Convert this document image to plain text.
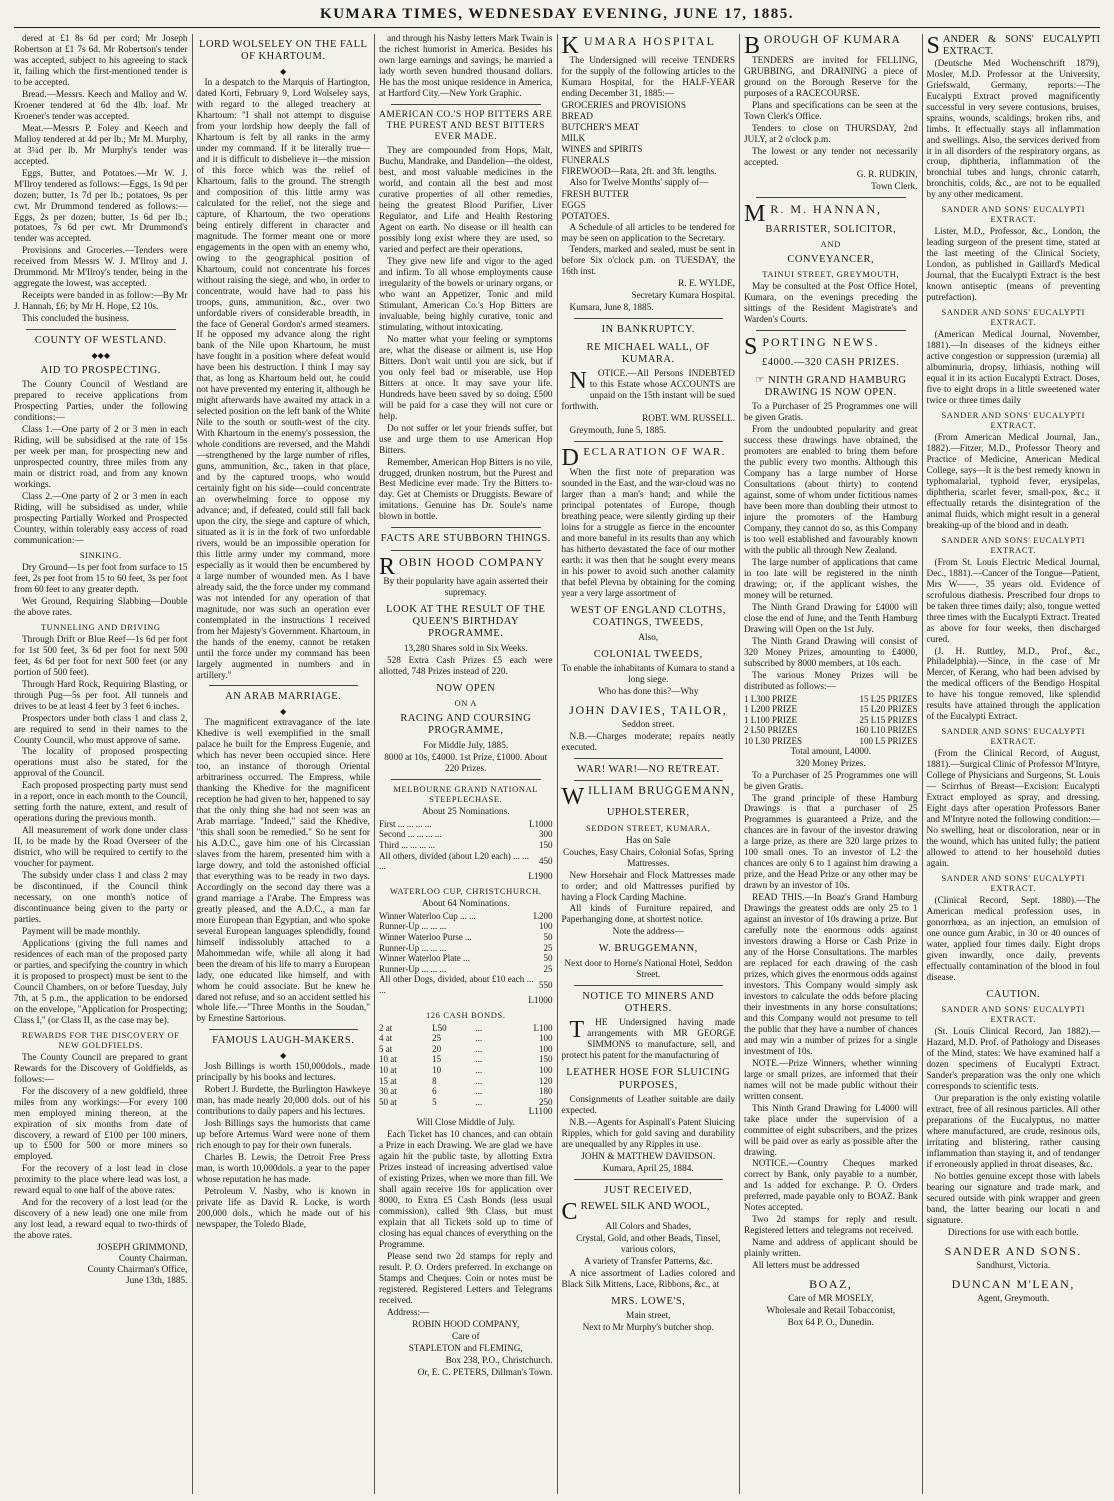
KUMARA TIMES, WEDNESDAY EVENING, JUNE 17, 1885.

dered at £1 8s 6d per cord; Mr Joseph Robertson at £1 7s 6d. Mr Robertson's tender was accepted, subject to his agreeing to stack it, failing which the first-mentioned tender is to be accepted.

Bread.—Messrs. Keech and Malloy and W. Kroener tendered at 6d the 4lb. loaf. Mr Kroener's tender was accepted.

Meat.—Messrs P. Foley and Keech and Malloy tendered at 4d per lb.; Mr M. Murphy, at 3¼d per lb. Mr Murphy's tender was accepted.

Eggs, Butter, and Potatoes.—Mr W. J. M'Ilroy tendered as follows:—Eggs, 1s 9d per dozen; butter, 1s 7d per lb.; potatoes, 9s per cwt. Mr Drummond tendered as follows:—Eggs, 2s per dozen; butter, 1s 6d per lb.; potatoes, 7s 6d per cwt. Mr Drummond's tender was accepted.

Provisions and Groceries.—Tenders were received from Messrs W. J. M'Ilroy and J. Drummond. Mr M'Ilroy's tender, being in the aggregate the lowest, was accepted.

Receipts were banded in as follow:—By Mr J. Hannah, £6; by Mr H. Hope, £2 10s.

This concluded the business.

COUNTY OF WESTLAND.
◆◆◆
AID TO PROSPECTING.

The County Council of Westland are prepared to receive applications from Prospecting Parties, under the following conditions:—

Class 1.—One party of 2 or 3 men in each Riding, will be subsidised at the rate of 15s per week per man, for prospecting new and unprospected country, three miles from any main or district road, and from any known workings.

Class 2.—One party of 2 or 3 men in each Riding, will be subsidised as under, while prospecting Partially Worked and Prospected Country, within tolerably easy access of road communication:—

SINKING.

Dry Ground—1s per foot from surface to 15 feet, 2s per foot from 15 to 60 feet, 3s per foot from 60 feet to any greater depth.

Wet Ground, Requiring Slabbing—Double the above rates.

TUNNELING AND DRIVING

Through Drift or Blue Reef—1s 6d per foot for 1st 500 feet, 3s 6d per foot for next 500 feet, 4s 6d per foot for next 500 feet (or any portion of 500 feet).

Through Hard Rock, Requiring Blasting, or through Pug—5s per foot. All tunnels and drives to be at least 4 feet by 3 feet 6 inches.

Prospectors under both class 1 and class 2, are required to send in their names to the County Council, who must approve of same.

The locality of proposed prospecting operations must also be stated, for the approval of the Council.

Each proposed prospecting party must send in a report, once in each month to the Council, setting forth the nature, extent, and result of operations during the previous month.

All measurement of work done under class II, to be made by the Road Overseer of the district, who will be required to certify to the voucher for payment.

The subsidy under class 1 and class 2 may be discontinued, if the Council think necessary, on one month's notice of discontinuance being given to the party or parties.

Payment will be made monthly.

Applications (giving the full names and residences of each man of the proposed party or parties, and specifying the country in which it is proposed to prospect) must be sent to the Council Chambers, on or before Tuesday, July 7th, at 5 p.m., the application to be endorsed on the envelope, "Application for Prospecting; Class I," (or Class II, as the case may be).

REWARDS FOR THE DISCOVERY OF NEW GOLDFIELDS.

The County Council are prepared to grant Rewards for the Discovery of Goldfields, as follows:—

For the discovery of a new goldfield, three miles from any workings:—For every 100 men employed mining thereon, at the expiration of six months from date of discovery, a reward of £100 per 100 miners, up to £500 for 500 or more miners so employed.

For the recovery of a lost lead in close proximity to the place where lead was lost, a reward equal to one half of the above rates.

And for the recovery of a lost lead (or the discovery of a new lead) one one mile from any lost lead, a reward equal to two-thirds of the above rates.

JOSEPH GRIMMOND,
County Chairman.
County Chairman's Office,
June 13th, 1885.
LORD WOLSELEY ON THE FALL OF KHARTOUM.
◆

In a despatch to the Marquis of Hartington, dated Korti, February 9, Lord Wolseley says, with regard to the alleged treachery at Khartoum: "I shall not attempt to disguise from your lordship how deeply the fall of Khartoum is felt by all ranks in the army under my command. If it be literally true—and it is difficult to disbelieve it—the mission of this force which was the relief of Khartoum, falls to the ground. The strength and composition of this little army was calculated for the relief, not the siege and capture, of Khartoum, the two operations being entirely different in character and magnitude. The former meant one or more engagements in the open with an enemy who, owing to the geographical position of Khartoum, could not concentrate his forces without raising the siege, and who, in order to concentrate, would have had to pass his troops, guns, ammunition, &c., over two unfordable rivers of considerable breadth, in the face of General Gordon's armed steamers. If he opposed my advance along the right bank of the Nile upon Khartoum, he must have fought in a position where defeat would have been his destruction. I think I may say that, as long as Khartoum held out, he could not have prevented my entering it, although he might afterwards have awaited my attack in a selected position on the left bank of the White Nile to the south or south-west of the city. With Khartoum in the enemy's possession, the whole conditions are reversed, and the Mahdi—strengthened by the large number of rifles, guns, ammunition, &c., taken in that place, and by the captured troops, who would certainly fight on his side—could concentrate an overwhelming force to oppose my advance; and, if defeated, could still fall back upon the city, the siege and capture of which, situated as it is in the fork of two unfordable rivers, would be an impossible operation for this little army under my command, more especially as it would then be encumbered by a large number of wounded men. As I have already said, the the force under my command was not intended for any operation of that magnitude, nor was such an operation ever contemplated in the instructions I received from her Majesty's Government. Khartoum, in the hands of the enemy, cannot be retaken until the force under my command has been largely augmented in numbers and in artillery."

AN ARAB MARRIAGE.
◆

The magnificent extravagance of the late Khedive is well exemplified in the small palace he built for the Empress Eugenie, and which has never been occupied since. Here too, an instance of thorough Oriental arbitrariness occurred. The Empress, while thanking the Khedive for the magnificent reception he had given to her, happened to say that the only thing she had not seen was an Arab marriage. "Indeed," said the Khedive, "this shall soon be remedied." So he sent for his A.D.C., gave him one of his Circassian slaves from the harem, presented him with a large dowry, and told the astonished official that everything was to be ready in two days. Accordingly on the second day there was a grand marriage a l'Arabe. The Empress was greatly pleased, and the A.D.C., a man far more European than Egyptian, and who spoke several European languages splendidly, found himself indissolubly attached to a Mahommedan wife, while all along it had been the dream of his life to marry a European lady, one educated like himself, and with whom he could associate. But he knew he dared not refuse, and so an accident settled his whole life.—"Three Months in the Soudan," by Ernestine Sartorious.

FAMOUS LAUGH-MAKERS.
◆

Josh Billings is worth 150,000dols., made principally by his books and lectures.

Robert J. Burdette, the Burlington Hawkeye man, has made nearly 20,000 dols. out of his contributions to daily papers and his lectures.

Josh Billings says the humorists that came up before Artemus Ward were none of them rich enough to pay for their own funerals.

Charles B. Lewis, the Detroit Free Press man, is worth 10,000dols. a year to the paper whose reputation he has made.

Petroleum V. Nasby, who is known in private life as David R. Locke, is worth 200,000 dols., which he made out of his newspaper, the Toledo Blade,

and through his Nasby letters Mark Twain is the richest humorist in America. Besides his own large earnings and savings, he married a lady worth seven hundred thousand dollars. He has the most unique residence in America, at Hartford City.—New York Graphic.

AMERICAN CO.'S HOP BITTERS ARE THE PUREST AND BEST BITTERS EVER MADE.

They are compounded from Hops, Malt, Buchu, Mandrake, and Dandelion—the oldest, best, and most valuable medicines in the world, and contain all the best and most curative properties of all other remedies, being the greatest Blood Purifier, Liver Regulator, and Life and Health Restoring Agent on earth. No disease or ill health can possibly long exist where they are used, so varied and perfect are their operations.

They give new life and vigor to the aged and infirm. To all whose employments cause irregularity of the bowels or urinary organs, or who want an Appetizer, Tonic and mild Stimulant, American Co.'s Hop Bitters are invaluable, being highly curative, tonic and stimulating, without intoxicating.

No matter what your feeling or symptoms are, what the disease or ailment is, use Hop Bitters. Don't wait until you are sick, but if you only feel bad or miserable, use Hop Bitters at once. It may save your life. Hundreds have been saved by so doing. £500 will be paid for a case they will not cure or help.

Do not suffer or let your friends suffer, but use and urge them to use American Hop Bitters.

Remember, American Hop Bitters is no vile, drugged, drunken nostrum, but the Purest and Best Medicine ever made. Try the Bitters to-day. Get at Chemists or Druggists. Beware of imitations. Genuine has Dr. Soule's name blown in bottle.

FACTS ARE STUBBORN THINGS.
R OBIN HOOD COMPANY

By their popularity have again asserted their supremacy.

LOOK AT THE RESULT OF THE QUEEN'S BIRTHDAY PROGRAMME.

13,280 Shares sold in Six Weeks.

528 Extra Cash Prizes £5 each were allotted, 748 Prizes instead of 220.

NOW OPEN
ON A
RACING AND COURSING PROGRAMME,

For Middle July, 1885.

8000 at 10s, £4000. 1st Prize, £1000. About 220 Prizes.

MELBOURNE GRAND NATIONAL STEEPLECHASE.

About 25 Nominations.

First ... ... ... ...	L1000
Second ... ... ... ...	300
Third ... ... ... ...	150
All others, divided (about L20 each) ... ... ...	450
L1900
WATERLOO CUP, CHRISTCHURCH.

About 64 Nominations.

Winner Waterloo Cup ... ...	L200
Runner-Up ... ... ...	100
Winner Waterloo Purse ...	50
Runner-Up ... ... ...	25
Winner Waterloo Plate ...	50
Runner-Up ... ... ...	25
All other Dogs, divided, about £10 each ... ...	550
L1000
126 CASH BONDS.
2 at	L50	...	L100
4 at	25	...	100
5 at	20	...	100
10 at	15	...	150
10 at	10	...	100
15 at	8	...	120
30 at	6	...	180
50 at	5	...	250
L1100

Will Close Middle of July.

Each Ticket has 10 chances, and can obtain a Prize in each Drawing. We are glad we have again hit the public taste, by allotting Extra Prizes instead of increasing advertised value of existing Prizes, when we more than fill. We shall again receive 10s for application over 8000, to Extra £5 Cash Bonds (less usual commission), called 9th Class, but must explain that all Tickets sold up to time of closing has equal chances of everything on the Programme.

Please send two 2d stamps for reply and result. P. O. Orders preferred. In exchange on Stamps and Cheques. Coin or notes must be registered. Registered Letters and Telegrams received.

Address:—

ROBIN HOOD COMPANY,

Care of

STAPLETON and FLEMING,

Box 238, P.O., Christchurch.

Or, E. C. PETERS, Dillman's Town.

K UMARA HOSPITAL

The Undersigned will receive TENDERS for the supply of the following articles to the Kumara Hospital, for the HALF-YEAR ending December 31, 1885:—

GROCERIES and PROVISIONS
BREAD
BUTCHER'S MEAT
MILK
WINES and SPIRITS
FUNERALS
FIREWOOD—Rata, 2ft. and 3ft. lengths.

Also for Twelve Months' supply of—

FRESH BUTTER
EGGS
POTATOES.

A Schedule of all articles to be tendered for may be seen on application to the Secretary.

Tenders, marked and sealed, must be sent in before Six o'clock p.m. on TUESDAY, the 16th inst.

R. E. WYLDE,

Secretary Kumara Hospital.

Kumara, June 8, 1885.

IN BANKRUPTCY.
RE MICHAEL WALL, OF KUMARA.

N OTICE.—All Persons INDEBTED to this Estate whose ACCOUNTS are unpaid on the 15th instant will be sued forthwith.

ROBT. WM. RUSSELL.

Greymouth, June 5, 1885.

DECLARATION OF WAR.

When the first note of preparation was sounded in the East, and the war-cloud was no larger than a man's hand; and while the principal potentates of Europe, though breathing peace, were silently girding up their loins for a struggle as fierce in the encounter and more baneful in its results than any which has hitherto devastated the face of our mother earth: it was then that he sought every means in his power to avoid such another calamity that befel Plevna by obtaining for the coming year a very large assortment of

WEST OF ENGLAND CLOTHS, COATINGS, TWEEDS,

Also,

COLONIAL TWEEDS,

To enable the inhabitants of Kumara to stand a long siege.

Who has done this?—Why

JOHN DAVIES, TAILOR,

Seddon street.

N.B.—Charges moderate; repairs neatly executed.

WAR! WAR!—NO RETREAT.
WILLIAM BRUGGEMANN,
UPHOLSTERER,
SEDDON STREET, KUMARA,

Has on Sale

Couches, Easy Chairs, Colonial Sofas, Spring Mattresses.

New Horsehair and Flock Mattresses made to order; and old Mattresses purified by having a Flock Carding Machine.

All kinds of Furniture repaired, and Paperhanging done, at shortest notice.

Note the address—

W. BRUGGEMANN,

Next door to Horne's National Hotel, Seddon Street.

NOTICE TO MINERS AND OTHERS.

T HE Undersigned having made arrangements with MR GEORGE SIMMONS to manufacture, sell, and protect his patent for the manufacturing of

LEATHER HOSE FOR SLUICING PURPOSES,

Consignments of Leather suitable are daily expected.

N.B.—Agents for Aspinall's Patent Sluicing Ripples, which for gold saving and durability are unequalled by any Ripples in use.

JOHN & MATTHEW DAVIDSON.

Kumara, April 25, 1884.

JUST RECEIVED,
CREWEL SILK AND WOOL,

All Colors and Shades,

Crystal, Gold, and other Beads, Tinsel, various colors,

A variety of Transfer Patterns, &c.

A nice assortment of Ladies colored and Black Silk Mittens, Lace, Ribbons, &c., at

MRS. LOWE'S,

Main street,

Next to Mr Murphy's butcher shop.

BOROUGH OF KUMARA

TENDERS are invited for FELLING, GRUBBING, and DRAINING a piece of ground on the Borough Reserve for the purposes of a RACECOURSE.

Plans and specifications can be seen at the Town Clerk's Office.

Tenders to close on THURSDAY, 2nd JULY, at 2 o'clock p.m.

The lowest or any tender not necessarily accepted.

G. R. RUDKIN,

Town Clerk.

M R. M. HANNAN,
BARRISTER, SOLICITOR,
AND
CONVEYANCER,
TAINUI STREET, GREYMOUTH,

May be consulted at the Post Office Hotel, Kumara, on the evenings preceding the sittings of the Resident Magistrate's and Warden's Courts.

SPORTING NEWS.
£4000.—320 CASH PRIZES.
☞ NINTH GRAND HAMBURG DRAWING IS NOW OPEN.

To a Purchaser of 25 Programmes one will be given Gratis.

From the undoubted popularity and great success these drawings have obtained, the promoters are enabled to bring them before the public every two months. Although this Company has a large number of Horse Consultations (about thirty) to contend against, some of whom under fictitious names have been more than doubling their utmost to injure the promoters of the Hamburg Company, they cannot do so, as this Company is too well established and favourably known with the public all through New Zealand.

The large number of applications that came in too late will be registered in the ninth drawing; or, if the applicant wishes, the money will be returned.

The Ninth Grand Drawing for £4000 will close the end of June, and the Tenth Hamburg Drawing will Open on the 1st July.

The Ninth Grand Drawing will consist of 320 Money Prizes, amounting to £4000, subscribed by 8000 members, at 10s each.

The various Money Prizes will be distributed as follows:—

1 L300 PRIZE	15 L25 PRIZES
1 L200 PRIZE	15 L20 PRIZES
1 L100 PRIZE	25 L15 PRIZES
2 L50 PRIZES	160 L10 PRIZES
10 L30 PRIZES	100 L5 PRIZES

Total amount, L4000.

320 Money Prizes.

To a Purchaser of 25 Programmes one will be given Gratis.

The grand principle of these Hamburg Drawings is that a purchaser of 25 Programmes is guaranteed a Prize, and the chances are in favour of the investor drawing a large prize, as there are 320 large prizes to 100 small ones. To an investor of L2 the chances are only 6 to 1 against him drawing a prize, and the Head Prize or any other may be drawn by an investor of 10s.

READ THIS.—In Boaz's Grand Hamburg Drawings the greatest odds are only 25 to 1 against an investor of 10s drawing a prize. But carefully note the enormous odds against investors drawing a Horse or Cash Prize in any of the Horse Consultations. The marbles are replaced for each drawing of the cash prizes, which gives the enormous odds against investors. This Company would simply ask investors to calculate the odds before placing their investments in any horse consultations; and this Company would not presume to tell the public that they have a number of chances and may win a number of prizes for a single investment of 10s.

NOTE.—Prize Winners, whether winning large or small prizes, are informed that their names will not be made public without their written consent.

This Ninth Grand Drawing for L4000 will take place under the supervision of a committee of eight subscribers, and the prizes will be paid over as early as possible after the drawing.

NOTICE.—Country Cheques marked correct by Bank, only payable to a number, and 1s added for exchange. P. O. Orders preferred, made payable only to BOAZ. Bank Notes accepted.

Two 2d stamps for reply and result. Registered letters and telegrams not received.

Name and address of applicant should be plainly written.

All letters must be addressed

BOAZ,

Care of MR MOSELY,

Wholesale and Retail Tobacconist,

Box 64 P. O., Dunedin.

SANDER & SONS' EUCALYPTI EXTRACT.

(Deutsche Med Wochenschrift 1879), Mosler, M.D. Professor at the University, Griefswald, Germany, reports:—The Eucalypti Extract proved magnificently successful in very severe contusions, bruises, sprains, wounds, scaldings, broken ribs, and limbs. It effectually stays all inflammation and swellings. Also, the services derived from it in all disorders of the respiratory organs, as croup, diphtheria, inflammation of the bronchial tubes and lungs, chronic catarrh, bronchitis, colds, &c., are not to be equalled by any other medicament.

SANDER AND SONS' EUCALYPTI EXTRACT.

Lister, M.D., Professor, &c., London, the leading surgeon of the present time, stated at the last meeting of the Clinical Society, London, as published in Gaillard's Medical Journal, that the Eucalypti Extract is the best known antiseptic (means of preventing putrefaction).

SANDER AND SONS' EUCALYPTI EXTRACT.

(American Medical Journal, November, 1881).—In diseases of the kidneys either active congestion or suppression (uræmia) all albuminuria, dropsy, lithiasis, nothing will equal it in its action Eucalypti Extract. Doses, five to eight drops in a little sweetened water twice or three times daily

SANDER AND SONS' EUCALYPTI EXTRACT.

(From American Medical Journal, Jan., 1882).—Fitzer, M.D., Professor Theory and Practice of Medicine, American Medical College, says—It is the best remedy known in typhomalarial, typhoid fever, erysipelas, diphtheria, scarlet fever, small-pox, &c.; it effectually retards the disintegration of the animal fluids, which might result in a general breaking-up of the blood and in death.

SANDER AND SONS' EUCALYPTI EXTRACT.

(From St. Louis Electric Medical Journal, Dec., 1881).—Cancer of the Tongue—Patient, Mrs W——, 35 years old. Evidence of scrofulous diathesis. Prescribed four drops to be taken three times daily; also, tongue wetted three times with the Eucalypti Extract. Treated as above for four weeks, then discharged cured.

(J. H. Ruttley, M.D., Prof., &c., Philadelphia).—Since, in the case of Mr Mercer, of Kerang, who had been advised by the medical officers of the Bendigo Hospital to have his tongue removed, like splendid results have attained through the application of the Eucalypti Extract.

SANDER AND SONS' EUCALYPTI EXTRACT.

(From the Clinical Record, of August, 1881).—Surgical Clinic of Professor M'Intyre, College of Physicians and Surgeons, St. Louis — Scirrhus of Breast—Excision: Eucalypti Extract employed as spray, and dressing. Eight days after operation Professors Baner and M'Intyre noted the following condition:—No swelling, heat or discoloration, near or in the wound, which has united fully; the patient allowed to attend to her household duties again.

SANDER AND SONS' EUCALYPTI EXTRACT.

(Clinical Record, Sept. 1880).—The American medical profession uses, in gonorrhœa, as an injection, an emulsion of one ounce gum Arabic, in 30 or 40 ounces of water, applied four times daily. Eight drops given inwardly, once daily, prevents effectually contamination of the blood in foul disease.

CAUTION.
SANDER AND SONS' EUCALYPTI EXTRACT.

(St. Louis Clinical Record, Jan 1882).—Hazard, M.D. Prof. of Pathology and Diseases of the Mind, states: We have examined half a dozen specimens of Eucalypti Extract. Sander's preparation was the only one which corresponds to scientific tests.

Our preparation is the only existing volatile extract, free of all resinous particles. All other preparations of the Eucalyptus, no matter where manufactured, are crude, resinous oils, irritating and blistering, rather causing inflammation than staying it, and of tendanger if erroneously applied in throat diseases, &c.

No bottles genuine except those with labels bearing our signature and trade mark, and secured outside with pink wrapper and green band, the latter bearing our locati n and signature.

Directions for use with each bottle.

SANDER AND SONS.

Sandhurst, Victoria.

DUNCAN M'LEAN,

Agent, Greymouth.
